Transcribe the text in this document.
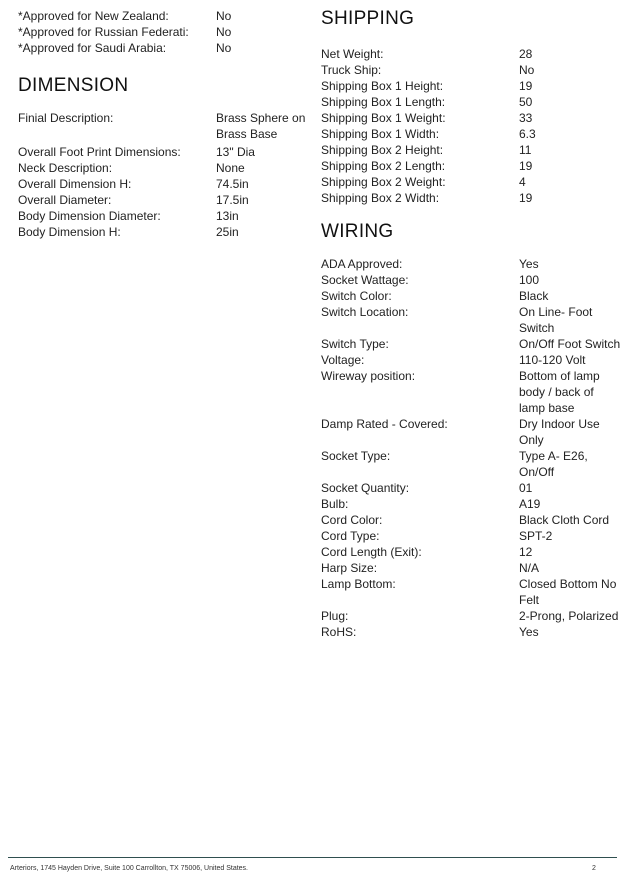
*Approved for New Zealand:	No
*Approved for Russian Federati:	No
*Approved for Saudi Arabia:	No
DIMENSION
Finial Description:	Brass Sphere on Brass Base
Overall Foot Print Dimensions:	13" Dia
Neck Description:	None
Overall Dimension H:	74.5in
Overall Diameter:	17.5in
Body Dimension Diameter:	13in
Body Dimension H:	25in
SHIPPING
Net Weight:	28
Truck Ship:	No
Shipping Box 1 Height:	19
Shipping Box 1 Length:	50
Shipping Box 1 Weight:	33
Shipping Box 1 Width:	6.3
Shipping Box 2 Height:	11
Shipping Box 2 Length:	19
Shipping Box 2 Weight:	4
Shipping Box 2 Width:	19
WIRING
ADA Approved:	Yes
Socket Wattage:	100
Switch Color:	Black
Switch Location:	On Line- Foot Switch
Switch Type:	On/Off Foot Switch
Voltage:	110-120 Volt
Wireway position:	Bottom of lamp body / back of lamp base
Damp Rated - Covered:	Dry Indoor Use Only
Socket Type:	Type A- E26, On/Off
Socket Quantity:	01
Bulb:	A19
Cord Color:	Black Cloth Cord
Cord Type:	SPT-2
Cord Length (Exit):	12
Harp Size:	N/A
Lamp Bottom:	Closed Bottom No Felt
Plug:	2-Prong, Polarized
RoHS:	Yes
Arteriors, 1745 Hayden Drive, Suite 100 Carrollton, TX 75006, United States.	2
